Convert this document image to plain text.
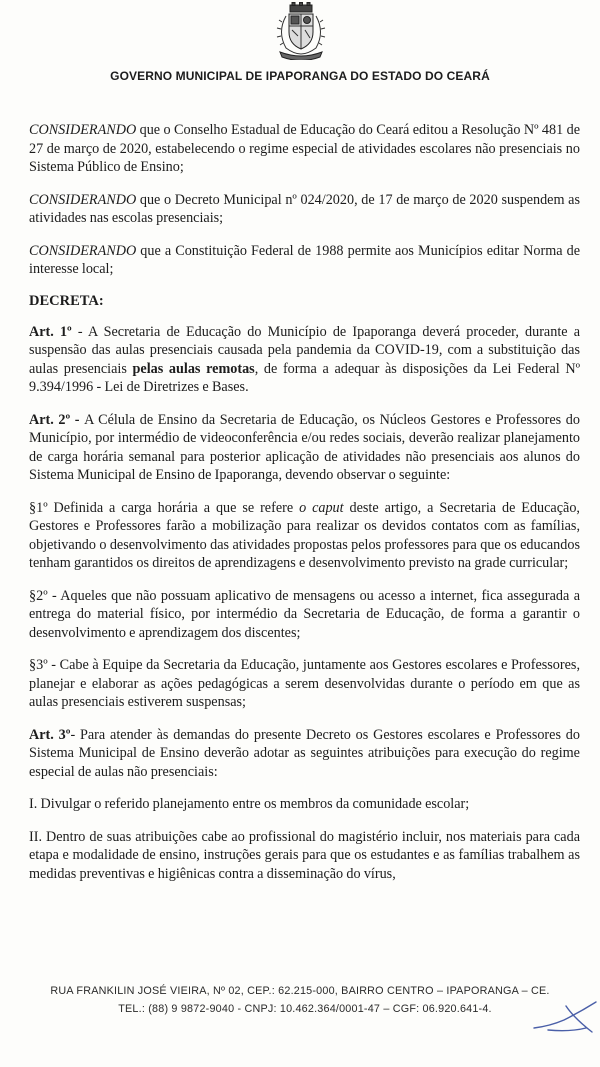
GOVERNO MUNICIPAL DE IPAPORANGA DO ESTADO DO CEARÁ

CONSIDERANDO que o Conselho Estadual de Educação do Ceará editou a Resolução Nº 481 de 27 de março de 2020, estabelecendo o regime especial de atividades escolares não presenciais no Sistema Público de Ensino;

CONSIDERANDO que o Decreto Municipal nº 024/2020, de 17 de março de 2020 suspendem as atividades nas escolas presenciais;

CONSIDERANDO que a Constituição Federal de 1988 permite aos Municípios editar Norma de interesse local;

DECRETA:

Art. 1º - A Secretaria de Educação do Município de Ipaporanga deverá proceder, durante a suspensão das aulas presenciais causada pela pandemia da COVID-19, com a substituição das aulas presenciais pelas aulas remotas, de forma a adequar às disposições da Lei Federal Nº 9.394/1996 - Lei de Diretrizes e Bases.

Art. 2º - A Célula de Ensino da Secretaria de Educação, os Núcleos Gestores e Professores do Município, por intermédio de videoconferência e/ou redes sociais, deverão realizar planejamento de carga horária semanal para posterior aplicação de atividades não presenciais aos alunos do Sistema Municipal de Ensino de Ipaporanga, devendo observar o seguinte:

§1º Definida a carga horária a que se refere o caput deste artigo, a Secretaria de Educação, Gestores e Professores farão a mobilização para realizar os devidos contatos com as famílias, objetivando o desenvolvimento das atividades propostas pelos professores para que os educandos tenham garantidos os direitos de aprendizagens e desenvolvimento previsto na grade curricular;

§2º - Aqueles que não possuam aplicativo de mensagens ou acesso a internet, fica assegurada a entrega do material físico, por intermédio da Secretaria de Educação, de forma a garantir o desenvolvimento e aprendizagem dos discentes;

§3º - Cabe à Equipe da Secretaria da Educação, juntamente aos Gestores escolares e Professores, planejar e elaborar as ações pedagógicas a serem desenvolvidas durante o período em que as aulas presenciais estiverem suspensas;

Art. 3º- Para atender às demandas do presente Decreto os Gestores escolares e Professores do Sistema Municipal de Ensino deverão adotar as seguintes atribuições para execução do regime especial de aulas não presenciais:

I. Divulgar o referido planejamento entre os membros da comunidade escolar;

II. Dentro de suas atribuições cabe ao profissional do magistério incluir, nos materiais para cada etapa e modalidade de ensino, instruções gerais para que os estudantes e as famílias trabalhem as medidas preventivas e higiênicas contra a disseminação do vírus,

RUA FRANKILIN JOSÉ VIEIRA, Nº 02, CEP.: 62.215-000, BAIRRO CENTRO – IPAPORANGA – CE.
TEL.: (88) 9 9872-9040 - CNPJ: 10.462.364/0001-47 – CGF: 06.920.641-4.
